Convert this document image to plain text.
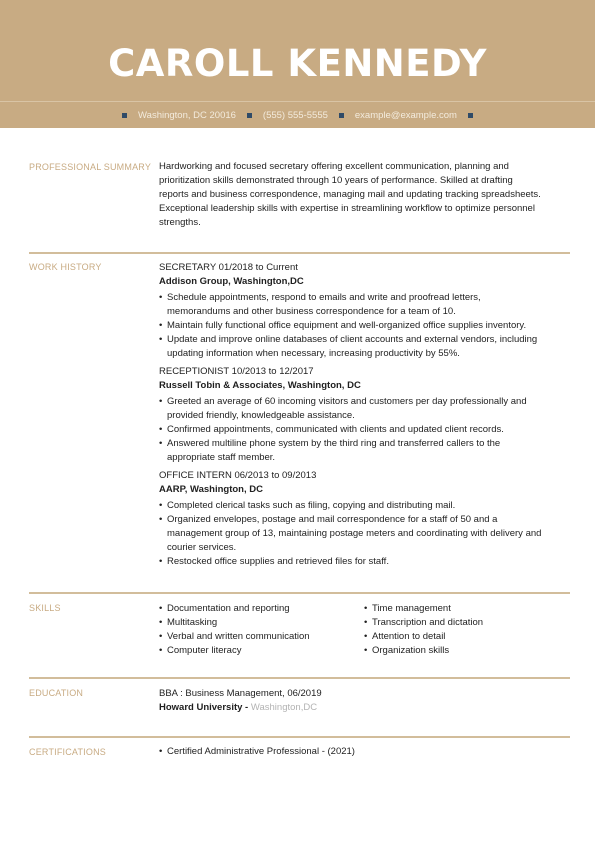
CAROLL KENNEDY
Washington, DC 20016	(555) 555-5555	example@example.com
PROFESSIONAL SUMMARY Hardworking and focused secretary offering excellent communication, planning and
prioritization skills demonstrated through 10 years of performance. Skilled at drafting
reports and business correspondence, managing mail and updating tracking spreadsheets.
Exceptional leadership skills with expertise in streamlining workflow to optimize personnel
strengths.
WORK HISTORY	SECRETARY 01/2018 to Current
Addison Group, Washington,DC
• Schedule appointments, respond to emails and write and proofread letters,
memorandums and other business correspondence for a team of 10.
• Maintain fully functional office equipment and well-organized office supplies inventory.
• Update and improve online databases of client accounts and external vendors, including
updating information when necessary, increasing productivity by 55%.
RECEPTIONIST 10/2013 to 12/2017
Russell Tobin & Associates, Washington, DC
• Greeted an average of 60 incoming visitors and customers per day professionally and
provided friendly, knowledgeable assistance.
• Confirmed appointments, communicated with clients and updated client records.
• Answered multiline phone system by the third ring and transferred callers to the
appropriate staff member.
OFFICE INTERN 06/2013 to 09/2013
AARP, Washington, DC
• Completed clerical tasks such as filing, copying and distributing mail.
• Organized envelopes, postage and mail correspondence for a staff of 50 and a
management group of 13, maintaining postage meters and coordinating with delivery and
courier services.
• Restocked office supplies and retrieved files for staff.
SKILLS	• Documentation and reporting
• Multitasking
• Verbal and written communication
• Computer literacy
• Time management
• Transcription and dictation
• Attention to detail
• Organization skills
EDUCATION	BBA : Business Management, 06/2019
Howard University - Washington,DC
CERTIFICATIONS	• Certified Administrative Professional - (2021)
